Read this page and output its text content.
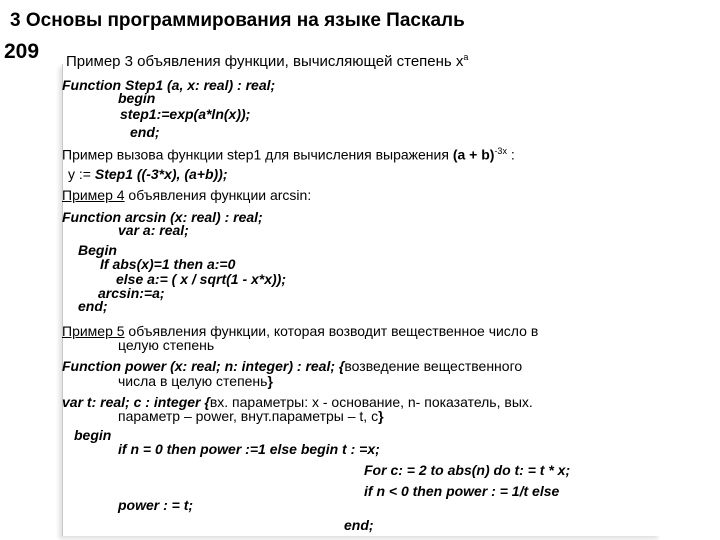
3 Основы программирования на языке Паскаль
209 Пример 3 объявления функции, вычисляющей степень $х^а$
Function Step1 (a, x: real) : real;
begin
step1:=exp(a*ln(x));
end;
Пример вызова функции step1 для вычисления выражения $(a + b)^{-3x}$ :
y := Step1 ((-3*x), (a+b));
Пример 4 объявления функции arcsin:
Function arcsin (x: real) : real;
var a: real;
Begin
If abs(x)=1 then a:=0
else a:= ( x / sqrt(1 - x*x));
arcsin:=a;
end;
Пример 5 объявления функции, которая возводит вещественное число в
целую степень
Function power (x: real; n: integer) : real; {возведение вещественного
числа в целую степень}
var t: real; c : integer {вх. параметры: х - основание, n- показатель, вых.
параметр – power, внут.параметры – t, c}
begin
if n = 0 then power :=1 else begin t : =x;
For c: = 2 to abs(n) do t: = t * x;
if n < 0 then power : = 1/t else
power : = t;
end;
